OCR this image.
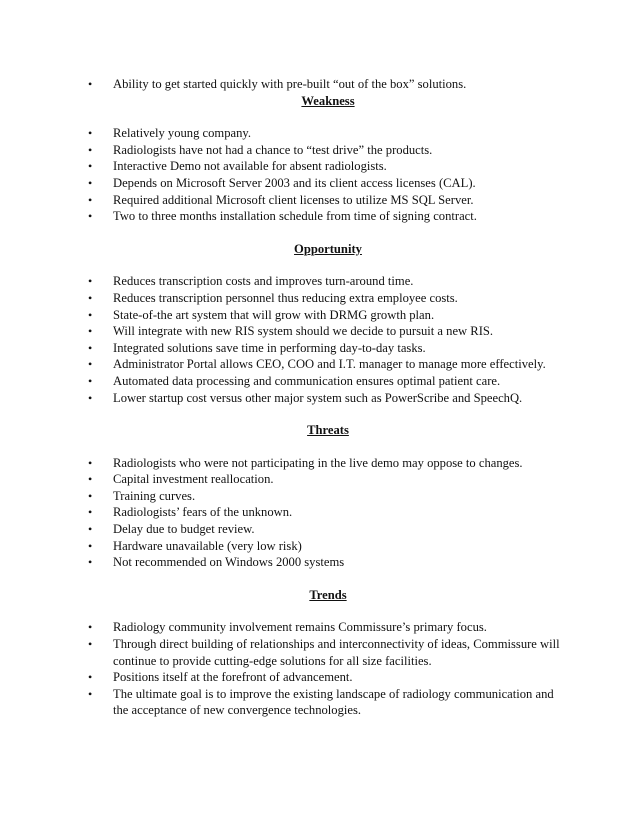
• Ability to get started quickly with pre-built “out of the box” solutions.
Weakness
• Relatively young company.
• Radiologists have not had a chance to “test drive” the products.
• Interactive Demo not available for absent radiologists.
• Depends on Microsoft Server 2003 and its client access licenses (CAL).
• Required additional Microsoft client licenses to utilize MS SQL Server.
• Two to three months installation schedule from time of signing contract.
Opportunity
• Reduces transcription costs and improves turn-around time.
• Reduces transcription personnel thus reducing extra employee costs.
• State-of-the art system that will grow with DRMG growth plan.
• Will integrate with new RIS system should we decide to pursuit a new RIS.
• Integrated solutions save time in performing day-to-day tasks.
• Administrator Portal allows CEO, COO and I.T. manager to manage more effectively.
• Automated data processing and communication ensures optimal patient care.
• Lower startup cost versus other major system such as PowerScribe and SpeechQ.
Threats
• Radiologists who were not participating in the live demo may oppose to changes.
• Capital investment reallocation.
• Training curves.
• Radiologists’ fears of the unknown.
• Delay due to budget review.
• Hardware unavailable (very low risk)
• Not recommended on Windows 2000 systems
Trends
• Radiology community involvement remains Commissure’s primary focus.
• Through direct building of relationships and interconnectivity of ideas, Commissure will continue to provide cutting-edge solutions for all size facilities.
• Positions itself at the forefront of advancement.
• The ultimate goal is to improve the existing landscape of radiology communication and the acceptance of new convergence technologies.
